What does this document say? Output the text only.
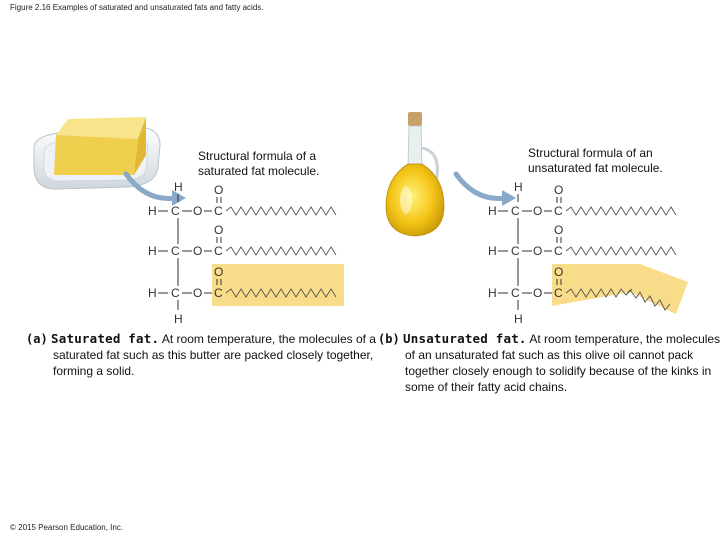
Figure 2.16 Examples of saturated and unsaturated fats and fatty acids.
Structural formula of a saturated fat molecule.
H
H C O C
O
H C O C
O
H C O C
O
H
(a) Saturated fat. At room temperature, the molecules of a saturated fat such as this butter are packed closely together, forming a solid.
Structural formula of an unsaturated fat molecule.
H
H C O C
O
H C O C
O
H C O C
O
H
(b) Unsaturated fat. At room temperature, the molecules of an unsaturated fat such as this olive oil cannot pack together closely enough to solidify because of the kinks in some of their fatty acid chains.
© 2015 Pearson Education, Inc.
